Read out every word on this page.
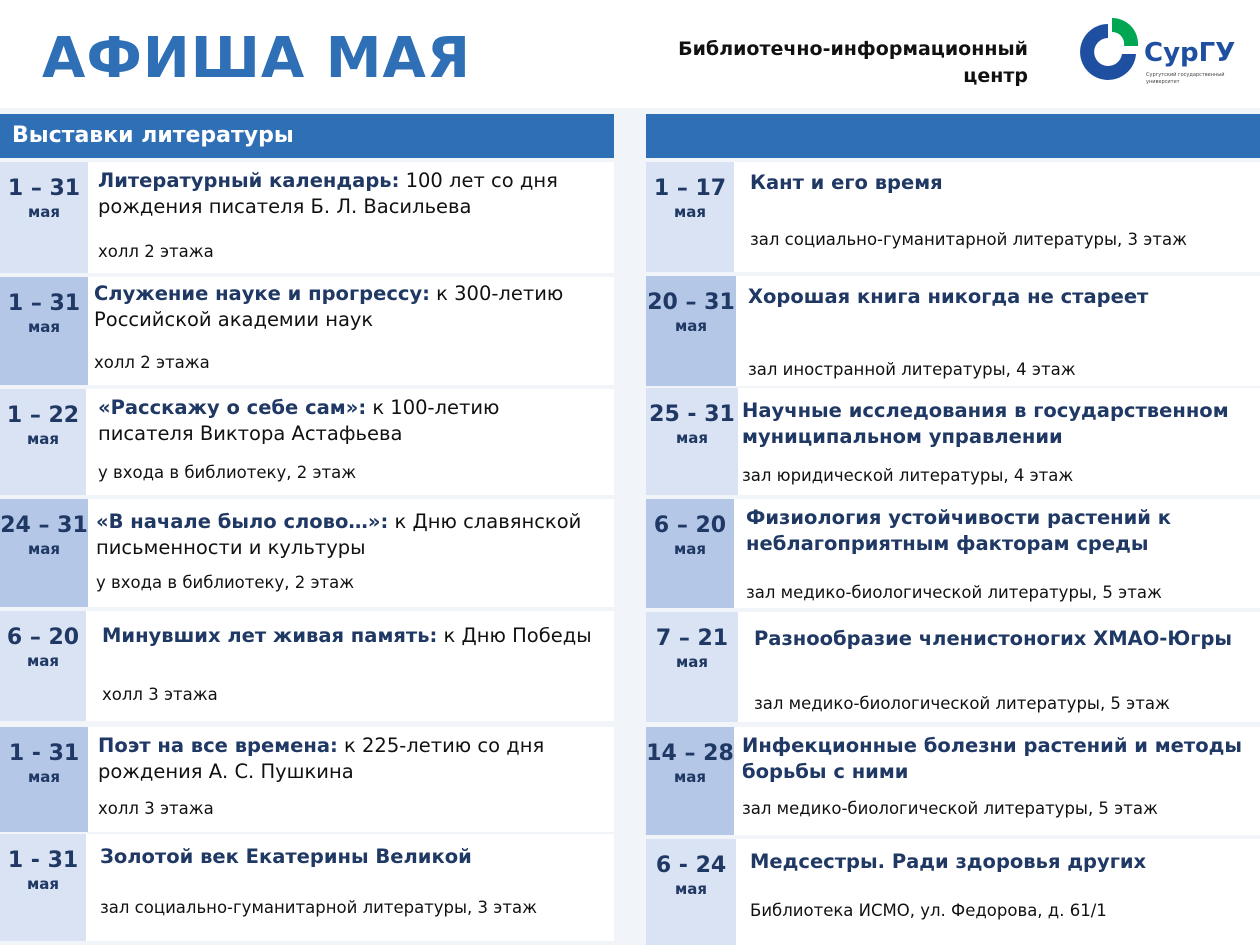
АФИША МАЯ	Библиотечно-информационный
центр
СурГУ
Сургутский государственный университет
Выставки литературы
1 – 31
мая
Литературный календарь: 100 лет со дня рождения писателя Б. Л. Васильева
холл 2 этажа
1 – 31
мая
Служение науке и прогрессу: к 300-летию Российской академии наук
холл 2 этажа
1 – 22
мая
«Расскажу о себе сам»: к 100-летию писателя Виктора Астафьева
у входа в библиотеку, 2 этаж
24 – 31
мая
«В начале было слово…»: к Дню славянской письменности и культуры
у входа в библиотеку, 2 этаж
6 – 20
мая
Минувших лет живая память: к Дню Победы
холл 3 этажа
1 - 31
мая
Поэт на все времена: к 225-летию со дня рождения А. С. Пушкина
холл 3 этажа
1 - 31
мая
Золотой век Екатерины Великой
зал социально-гуманитарной литературы, 3 этаж
1 – 17
мая
Кант и его время
зал социально-гуманитарной литературы, 3 этаж
20 – 31
мая
Хорошая книга никогда не стареет
зал иностранной литературы, 4 этаж
25 - 31
мая
Научные исследования в государственном муниципальном управлении
зал юридической литературы, 4 этаж
6 – 20
мая
Физиология устойчивости растений к неблагоприятным факторам среды
зал медико-биологической литературы, 5 этаж
7 – 21
мая
Разнообразие членистоногих ХМАО-Югры
зал медико-биологической литературы, 5 этаж
14 – 28
мая
Инфекционные болезни растений и методы борьбы с ними
зал медико-биологической литературы, 5 этаж
6 - 24
мая
Медсестры. Ради здоровья других
Библиотека ИСМО, ул. Федорова, д. 61/1
